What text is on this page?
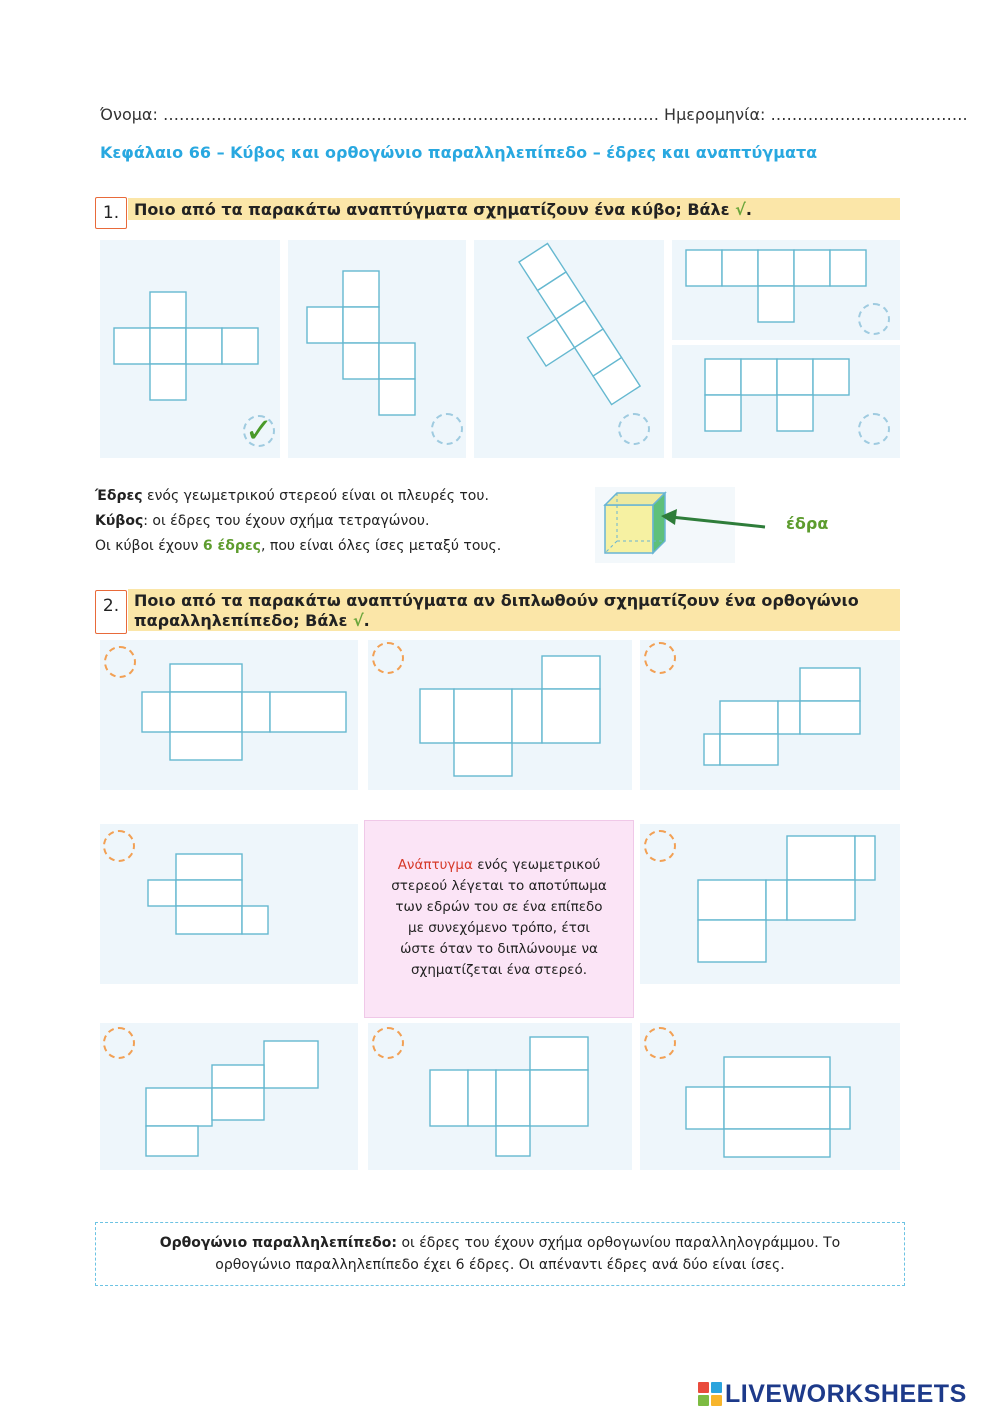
Όνομα: ………………………………………………………………………………… Ημερομηνία: ……………………………….
Κεφάλαιο 66 – Κύβος και ορθογώνιο παραλληλεπίπεδο – έδρες και αναπτύγματα
1. Ποιο από τα παρακάτω αναπτύγματα σχηματίζουν ένα κύβο; Βάλε √.
✓
Έδρες ενός γεωμετρικού στερεού είναι οι πλευρές του.
Κύβος: οι έδρες του έχουν σχήμα τετραγώνου.
Οι κύβοι έχουν 6 έδρες, που είναι όλες ίσες μεταξύ τους.
έδρα
2. Ποιο από τα παρακάτω αναπτύγματα αν διπλωθούν σχηματίζουν ένα ορθογώνιο
παραλληλεπίπεδο; Βάλε √.
Ανάπτυγμα ενός γεωμετρικού
στερεού λέγεται το αποτύπωμα
των εδρών του σε ένα επίπεδο
με συνεχόμενο τρόπο, έτσι
ώστε όταν το διπλώνουμε να
σχηματίζεται ένα στερεό.
Ορθογώνιο παραλληλεπίπεδο: οι έδρες του έχουν σχήμα ορθογωνίου παραλληλογράμμου. Το
ορθογώνιο παραλληλεπίπεδο έχει 6 έδρες. Οι απέναντι έδρες ανά δύο είναι ίσες.
LIVEWORKSHEETS
